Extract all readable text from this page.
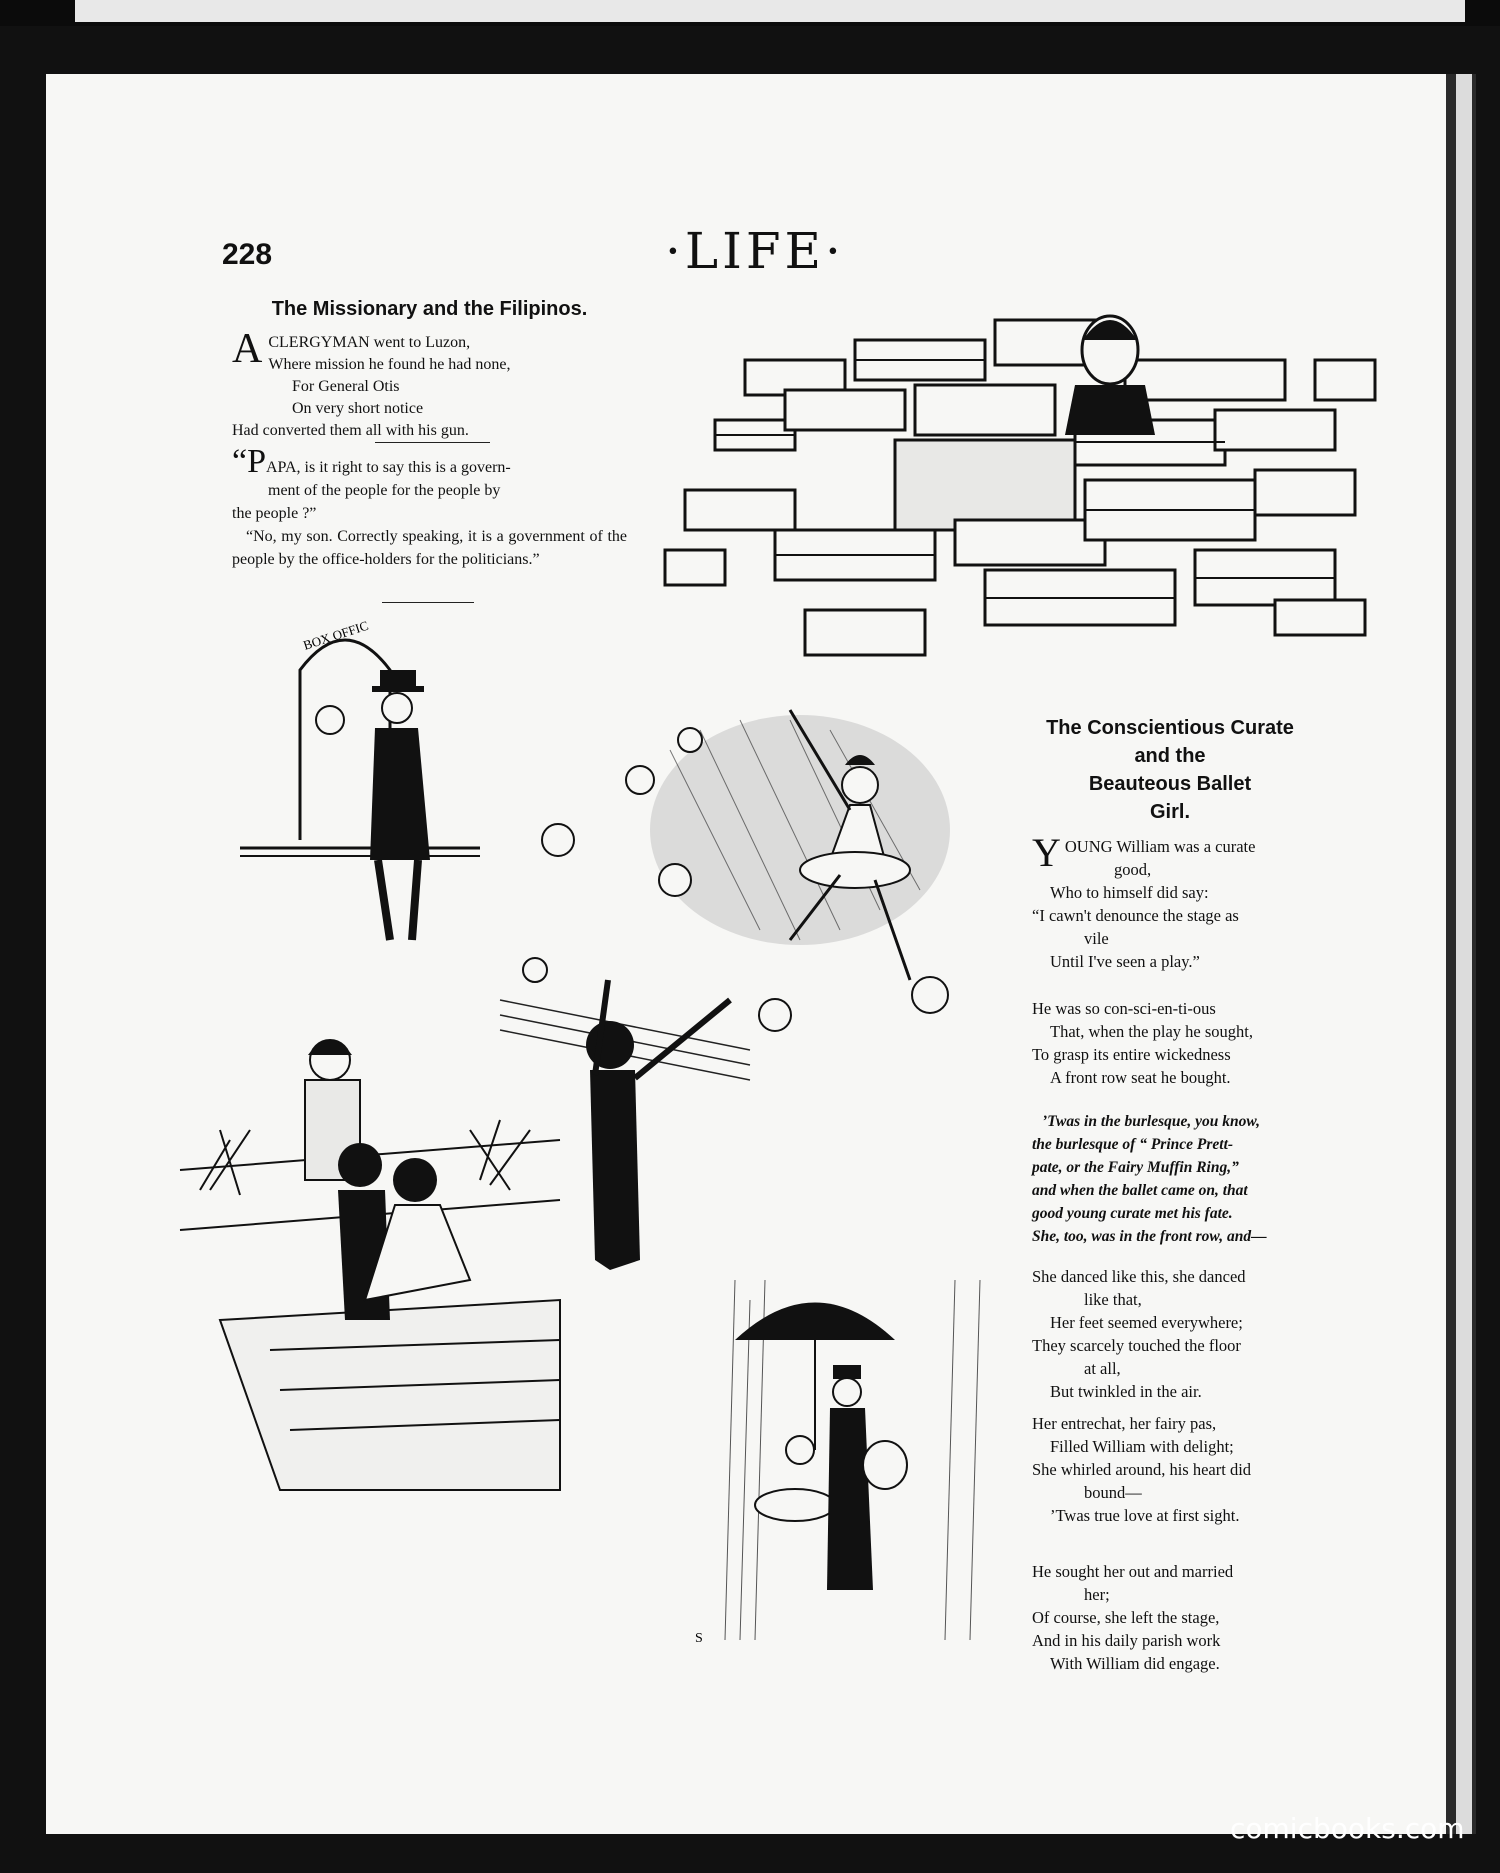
228	·LIFE·
The Missionary and the Filipinos.
A CLERGYMAN went to Luzon,
Where mission he found he had none,
For General Otis
On very short notice
Had converted them all with his gun.

“PAPA, is it right to say this is a govern-

ment of the people for the people by

the people ?”

“No, my son. Correctly speaking, it is a government of the people by the office-holders for the politicians.”

BOX OFFIC
S
The Conscientious Curate
and the
Beauteous Ballet
Girl.
Y OUNG William was a curate
good,
Who to himself did say:
“I cawn't denounce the stage as
vile
Until I've seen a play.”
He was so con-sci-en-ti-ous
That, when the play he sought,
To grasp its entire wickedness
A front row seat he bought.
’Twas in the burlesque, you know,
the burlesque of “ Prince Prett-
pate, or the Fairy Muffin Ring,”
and when the ballet came on, that
good young curate met his fate.
She, too, was in the front row, and—
She danced like this, she danced
like that,
Her feet seemed everywhere;
They scarcely touched the floor
at all,
But twinkled in the air.
Her entrechat, her fairy pas,
Filled William with delight;
She whirled around, his heart did
bound—
’Twas true love at first sight.
He sought her out and married
her;
Of course, she left the stage,
And in his daily parish work
With William did engage.
comicbooks.com
